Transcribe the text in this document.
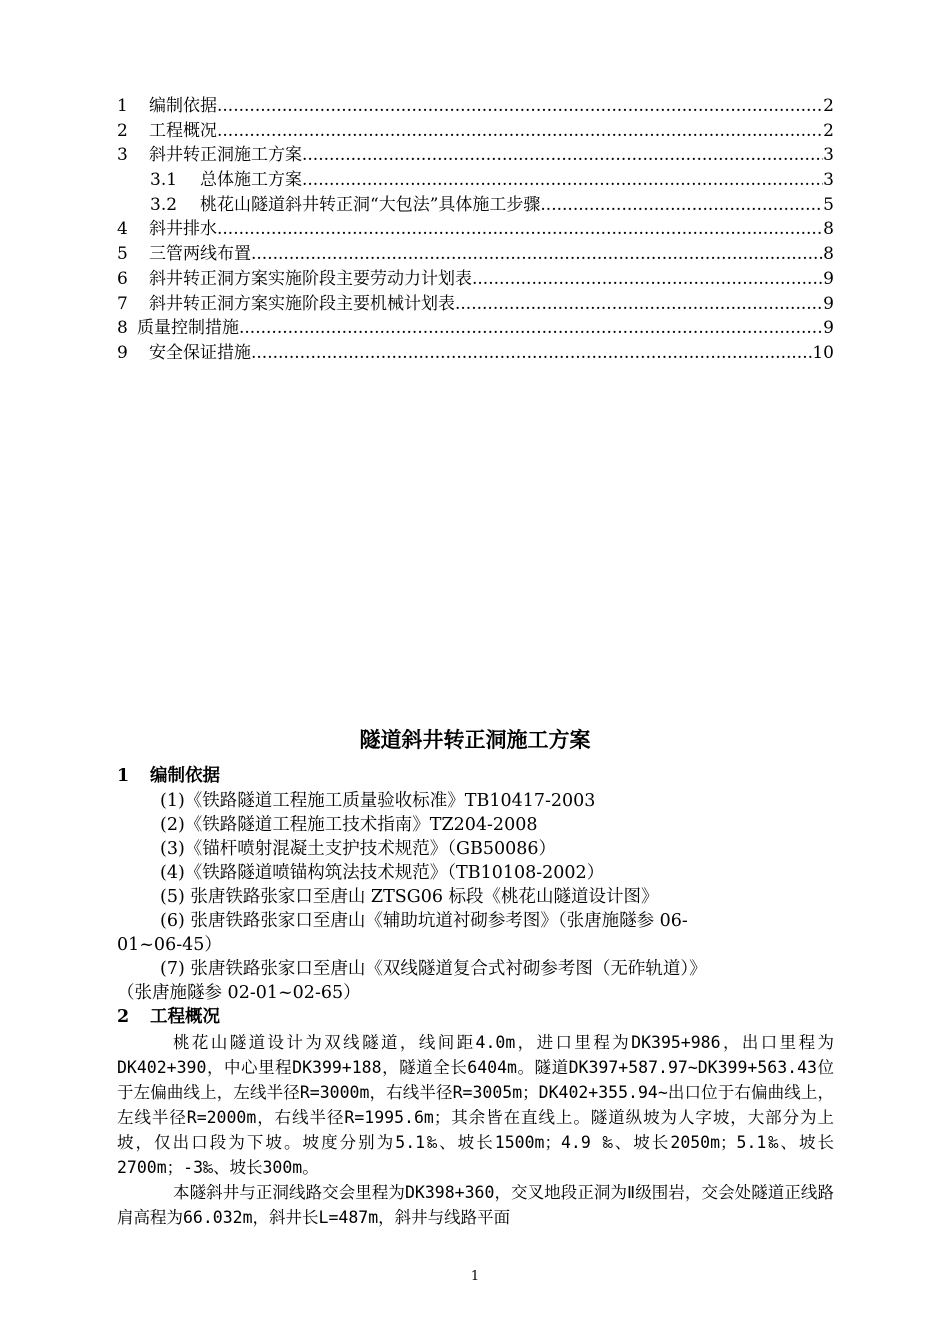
1	编制依据 .....	2
2	工程概况 .....	2
3	斜井转正洞施工方案 .....	3
3.1	总体施工方案 .....	3
3.2	桃花山隧道斜井转正洞“大包法”具体施工步骤 .....	5
4	斜井排水 .....	8
5	三管两线布置 .....	8
6	斜井转正洞方案实施阶段主要劳动力计划表 .....	9
7	斜井转正洞方案实施阶段主要机械计划表 .....	9
8 质量控制措施 .....	9
9	安全保证措施 .....	10
隧道斜井转正洞施工方案
1 编制依据
(1)《铁路隧道工程施工质量验收标准》TB10417-2003
(2)《铁路隧道工程施工技术指南》TZ204-2008
(3)《锚杆喷射混凝土支护技术规范》（GB50086）
(4)《铁路隧道喷锚构筑法技术规范》（TB10108-2002）
(5) 张唐铁路张家口至唐山 ZTSG06 标段《桃花山隧道设计图》
(6) 张唐铁路张家口至唐山《辅助坑道衬砌参考图》（张唐施隧参 06-
01~06-45）
(7) 张唐铁路张家口至唐山《双线隧道复合式衬砌参考图（无砟轨道）》
（张唐施隧参 02-01~02-65）
2 工程概况
桃花山隧道设计为双线隧道，线间距4.0m，进口里程为DK395+986，出口里程为DK402+390，中心里程DK399+188，隧道全长6404m。隧道DK397+587.97~DK399+563.43位于左偏曲线上，左线半径R=3000m，右线半径R=3005m；DK402+355.94~出口位于右偏曲线上，左线半径R=2000m，右线半径R=1995.6m；其余皆在直线上。隧道纵坡为人字坡，大部分为上坡，仅出口段为下坡。坡度分别为5.1‰、坡长1500m；4.9 ‰、坡长2050m；5.1‰、坡长2700m；-3‰、坡长300m。
本隧斜井与正洞线路交会里程为DK398+360，交叉地段正洞为Ⅱ级围岩，交会处隧道正线路肩高程为66.032m，斜井长L=487m，斜井与线路平面
1
